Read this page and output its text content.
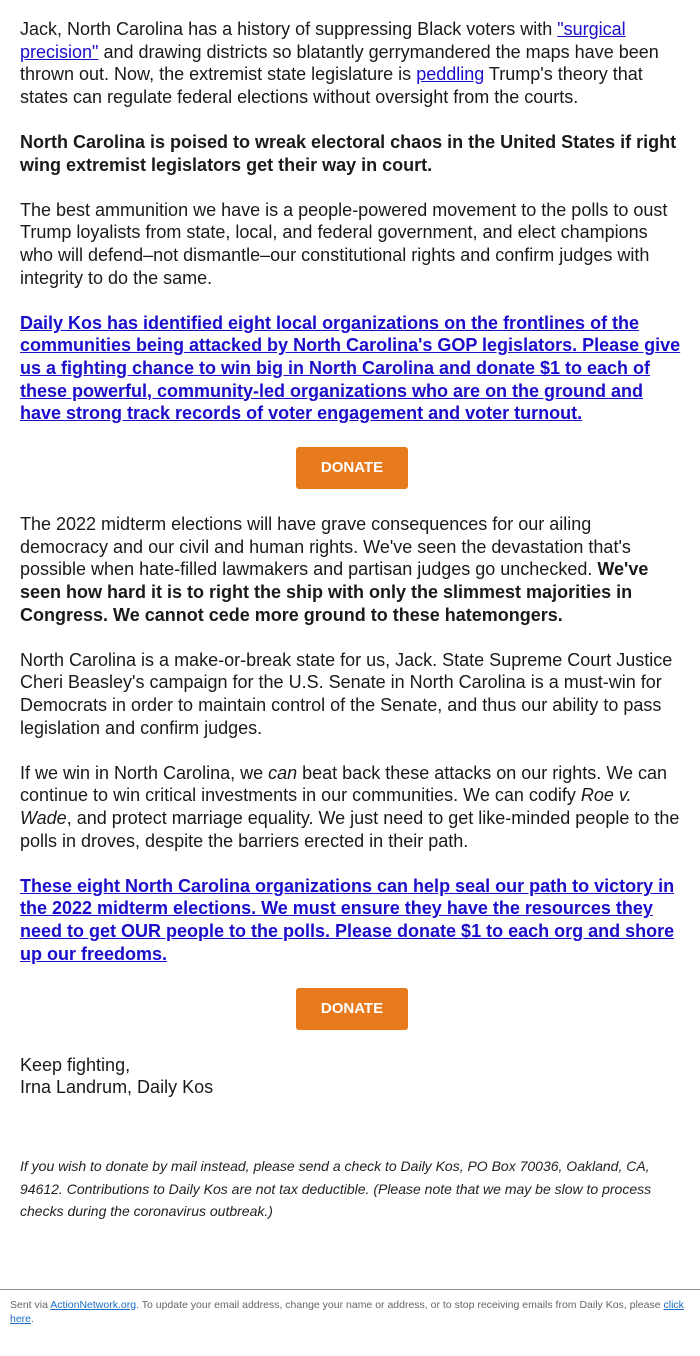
Jack, North Carolina has a history of suppressing Black voters with "surgical precision" and drawing districts so blatantly gerrymandered the maps have been thrown out. Now, the extremist state legislature is peddling Trump's theory that states can regulate federal elections without oversight from the courts.

North Carolina is poised to wreak electoral chaos in the United States if right wing extremist legislators get their way in court.

The best ammunition we have is a people-powered movement to the polls to oust Trump loyalists from state, local, and federal government, and elect champions who will defend–not dismantle–our constitutional rights and confirm judges with integrity to do the same.

Daily Kos has identified eight local organizations on the frontlines of the communities being attacked by North Carolina's GOP legislators. Please give us a fighting chance to win big in North Carolina and donate $1 to each of these powerful, community-led organizations who are on the ground and have strong track records of voter engagement and voter turnout.

DONATE

The 2022 midterm elections will have grave consequences for our ailing democracy and our civil and human rights. We've seen the devastation that's possible when hate-filled lawmakers and partisan judges go unchecked. We've seen how hard it is to right the ship with only the slimmest majorities in Congress. We cannot cede more ground to these hatemongers.

North Carolina is a make-or-break state for us, Jack. State Supreme Court Justice Cheri Beasley's campaign for the U.S. Senate in North Carolina is a must-win for Democrats in order to maintain control of the Senate, and thus our ability to pass legislation and confirm judges.

If we win in North Carolina, we can beat back these attacks on our rights. We can continue to win critical investments in our communities. We can codify Roe v. Wade, and protect marriage equality. We just need to get like-minded people to the polls in droves, despite the barriers erected in their path.

These eight North Carolina organizations can help seal our path to victory in the 2022 midterm elections. We must ensure they have the resources they need to get OUR people to the polls. Please donate $1 to each org and shore up our freedoms.

DONATE

Keep fighting,
Irna Landrum, Daily Kos

If you wish to donate by mail instead, please send a check to Daily Kos, PO Box 70036, Oakland, CA, 94612. Contributions to Daily Kos are not tax deductible. (Please note that we may be slow to process checks during the coronavirus outbreak.)

Sent via ActionNetwork.org. To update your email address, change your name or address, or to stop receiving emails from Daily Kos, please click here.
